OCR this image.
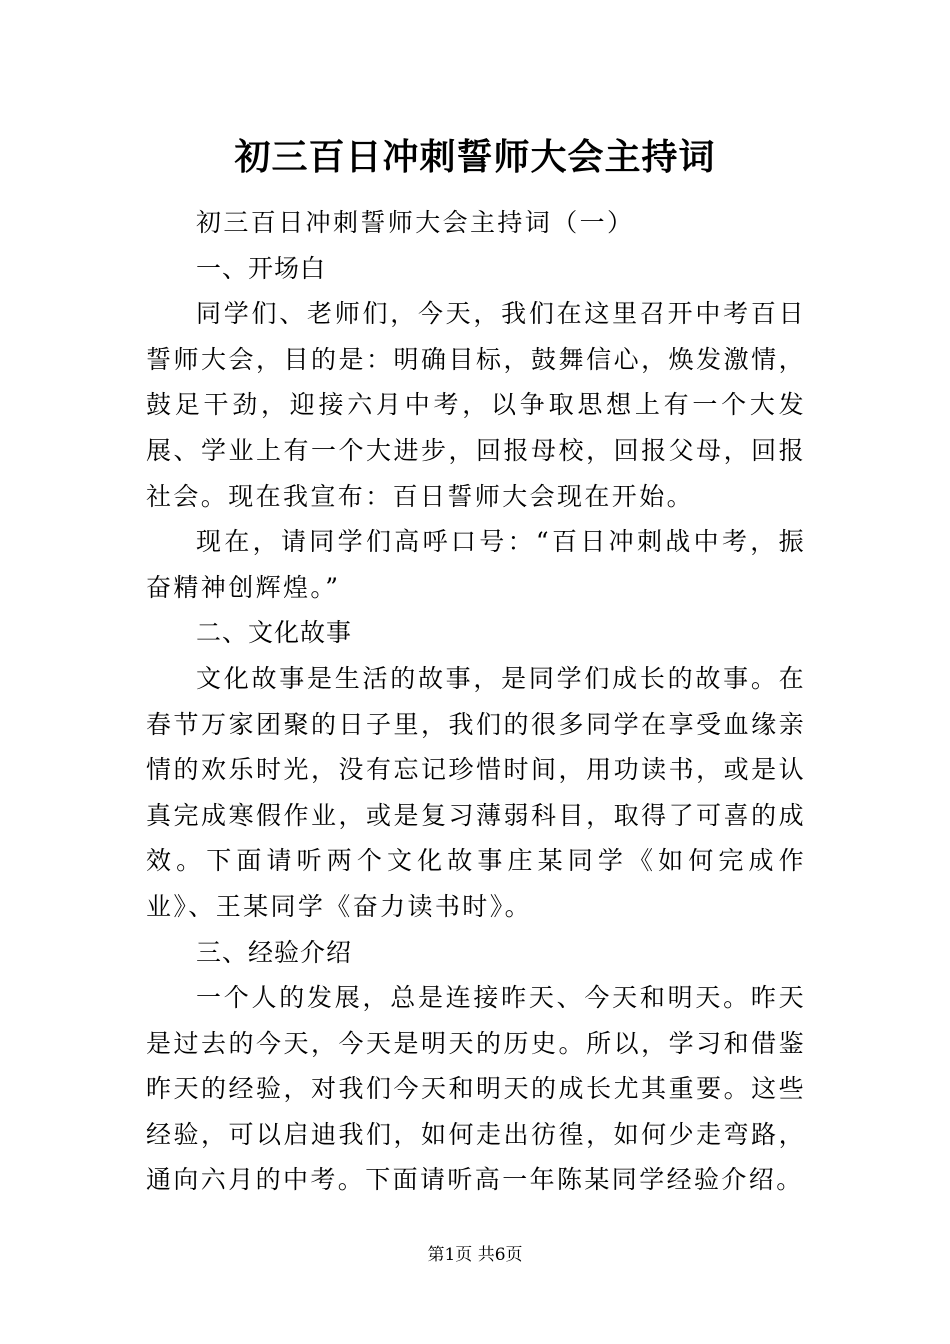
初三百日冲刺誓师大会主持词

初三百日冲刺誓师大会主持词（一）

一、开场白

同学们、老师们，今天，我们在这里召开中考百日誓师大会，目的是：明确目标，鼓舞信心，焕发激情，鼓足干劲，迎接六月中考，以争取思想上有一个大发展、学业上有一个大进步，回报母校，回报父母，回报社会。现在我宣布：百日誓师大会现在开始。

现在，请同学们高呼口号：“百日冲刺战中考，振奋精神创辉煌。”

二、文化故事

文化故事是生活的故事，是同学们成长的故事。在春节万家团聚的日子里，我们的很多同学在享受血缘亲情的欢乐时光，没有忘记珍惜时间，用功读书，或是认真完成寒假作业，或是复习薄弱科目，取得了可喜的成效。下面请听两个文化故事庄某同学《如何完成作业》、王某同学《奋力读书时》。

三、经验介绍

一个人的发展，总是连接昨天、今天和明天。昨天是过去的今天，今天是明天的历史。所以，学习和借鉴昨天的经验，对我们今天和明天的成长尤其重要。这些经验，可以启迪我们，如何走出彷徨，如何少走弯路，通向六月的中考。下面请听高一年陈某同学经验介绍。

第1页 共6页
